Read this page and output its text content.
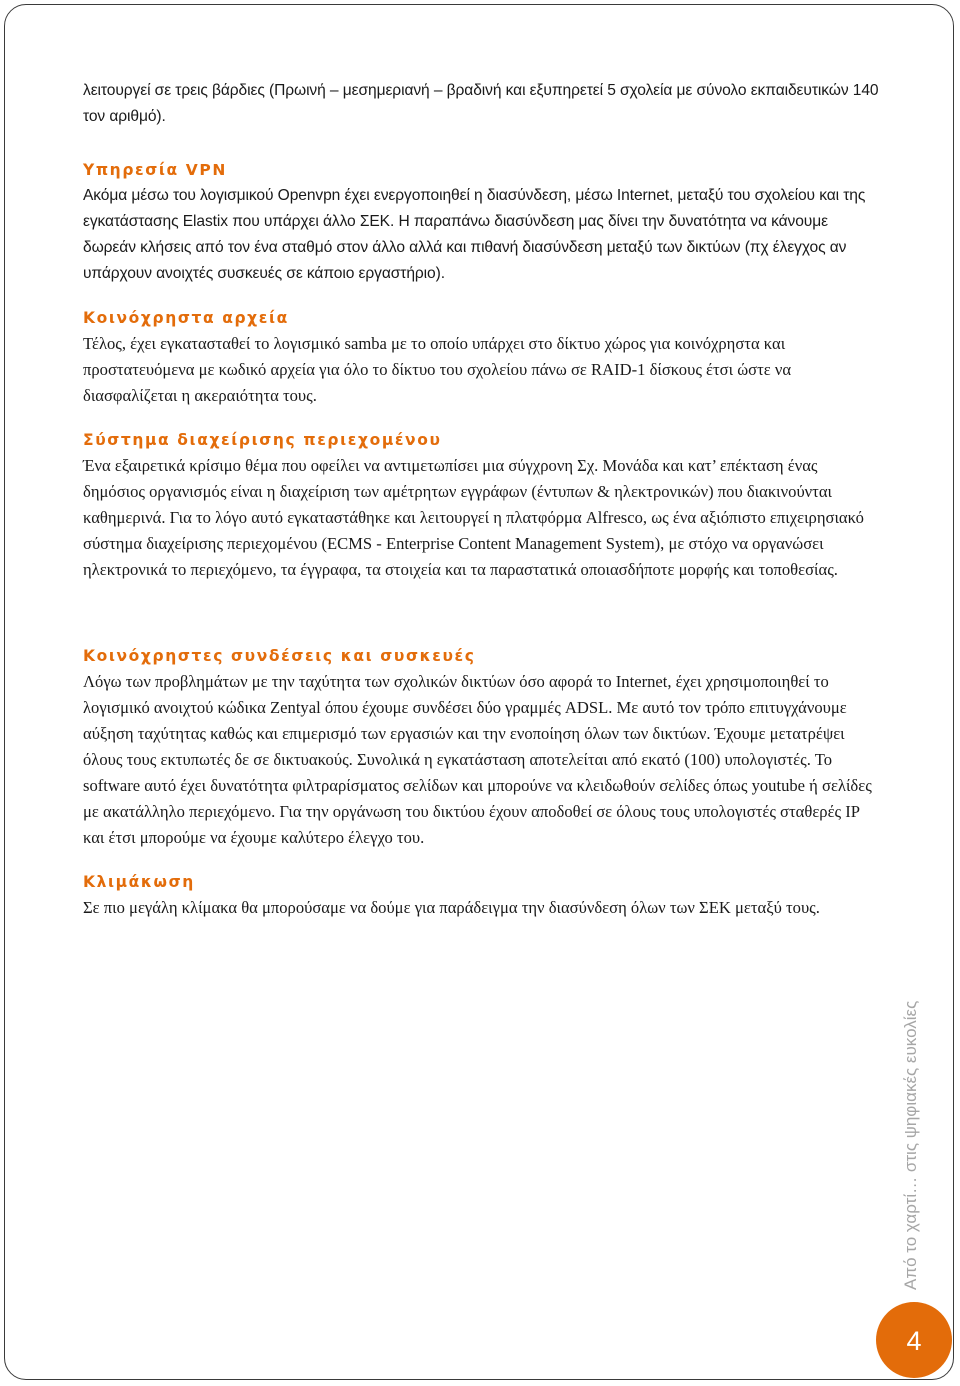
λειτουργεί σε τρεις βάρδιες (Πρωινή – μεσημεριανή – βραδινή και εξυπηρετεί 5 σχολεία με σύνολο εκπαιδευτικών 140 τον αριθμό).

Υπηρεσία VPN

Ακόμα μέσω του λογισμικού Openvpn έχει ενεργοποιηθεί η διασύνδεση, μέσω Internet, μεταξύ του σχολείου και της εγκατάστασης Elastix που υπάρχει άλλο ΣΕΚ. Η παραπάνω διασύνδεση μας δίνει την δυνατότητα να κάνουμε δωρεάν κλήσεις από τον ένα σταθμό στον άλλο αλλά και πιθανή διασύνδεση μεταξύ των δικτύων (πχ έλεγχος αν υπάρχουν ανοιχτές συσκευές σε κάποιο εργαστήριο).

Κοινόχρηστα αρχεία

Τέλος, έχει εγκατασταθεί το λογισμικό samba με το οποίο υπάρχει στο δίκτυο χώρος για κοινόχρηστα και προστατευόμενα με κωδικό αρχεία για όλο το δίκτυο του σχολείου πάνω σε RAID-1 δίσκους έτσι ώστε να διασφαλίζεται η ακεραιότητα τους.

Σύστημα διαχείρισης περιεχομένου

Ένα εξαιρετικά κρίσιμο θέμα που οφείλει να αντιμετωπίσει μια σύγχρονη Σχ. Μονάδα και κατ’ επέκταση ένας δημόσιος οργανισμός είναι η διαχείριση των αμέτρητων εγγράφων (έντυπων & ηλεκτρονικών) που διακινούνται καθημερινά. Για το λόγο αυτό εγκαταστάθηκε και λειτουργεί η πλατφόρμα Alfresco, ως ένα αξιόπιστο επιχειρησιακό σύστημα διαχείρισης περιεχομένου (ECMS - Enterprise Content Management System), με στόχο να οργανώσει ηλεκτρονικά το περιεχόμενο, τα έγγραφα, τα στοιχεία και τα παραστατικά οποιασδήποτε μορφής και τοποθεσίας.

Κοινόχρηστες συνδέσεις και συσκευές

Λόγω των προβλημάτων με την ταχύτητα των σχολικών δικτύων όσο αφορά το Internet, έχει χρησιμοποιηθεί το λογισμικό ανοιχτού κώδικα Zentyal όπου έχουμε συνδέσει δύο γραμμές ADSL. Με αυτό τον τρόπο επιτυγχάνουμε αύξηση ταχύτητας καθώς και επιμερισμό των εργασιών και την ενοποίηση όλων των δικτύων. Έχουμε μετατρέψει όλους τους εκτυπωτές δε σε δικτυακούς. Συνολικά η εγκατάσταση αποτελείται από εκατό (100) υπολογιστές. Το software αυτό έχει δυνατότητα φιλτραρίσματος σελίδων και μπορούνε να κλειδωθούν σελίδες όπως youtube ή σελίδες με ακατάλληλο περιεχόμενο. Για την οργάνωση του δικτύου έχουν αποδοθεί σε όλους τους υπολογιστές σταθερές IP και έτσι μπορούμε να έχουμε καλύτερο έλεγχο του.

Κλιμάκωση

Σε πιο μεγάλη κλίμακα θα μπορούσαμε να δούμε για παράδειγμα την διασύνδεση όλων των ΣΕΚ μεταξύ τους.

Από το χαρτί… στις ψηφιακές ευκολίες
4
